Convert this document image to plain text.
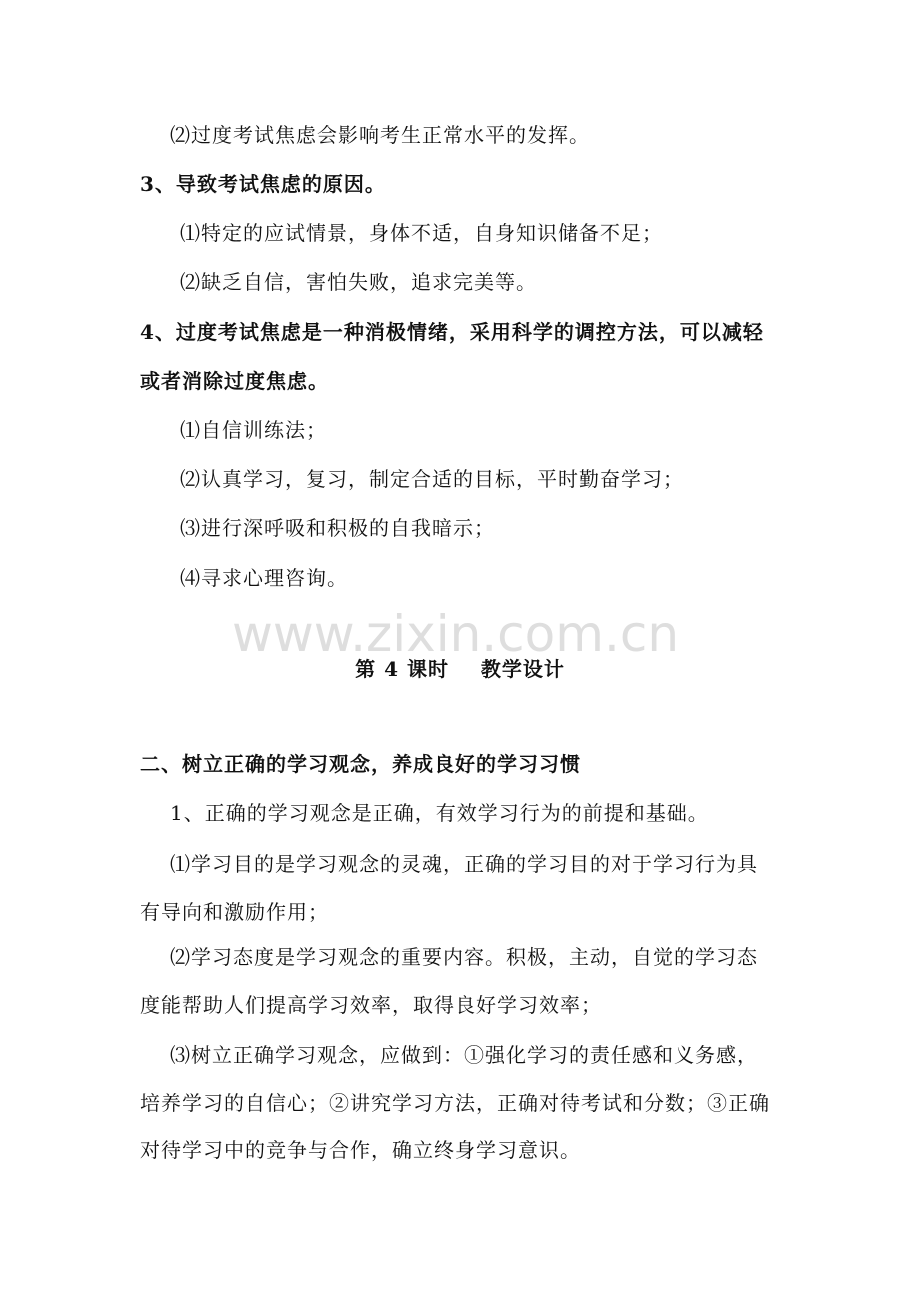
www.zixin.com.cn
⑵过度考试焦虑会影响考生正常水平的发挥。
3、导致考试焦虑的原因。
⑴特定的应试情景，身体不适，自身知识储备不足；
⑵缺乏自信，害怕失败，追求完美等。
4、过度考试焦虑是一种消极情绪，采用科学的调控方法，可以减轻
或者消除过度焦虑。
⑴自信训练法；
⑵认真学习，复习，制定合适的目标，平时勤奋学习；
⑶进行深呼吸和积极的自我暗示；
⑷寻求心理咨询。
第 4 课时    教学设计
二、树立正确的学习观念，养成良好的学习习惯
1、正确的学习观念是正确，有效学习行为的前提和基础。
⑴学习目的是学习观念的灵魂，正确的学习目的对于学习行为具
有导向和激励作用；
⑵学习态度是学习观念的重要内容。积极，主动，自觉的学习态
度能帮助人们提高学习效率，取得良好学习效率；
⑶树立正确学习观念，应做到：①强化学习的责任感和义务感，
培养学习的自信心；②讲究学习方法，正确对待考试和分数；③正确
对待学习中的竞争与合作，确立终身学习意识。
